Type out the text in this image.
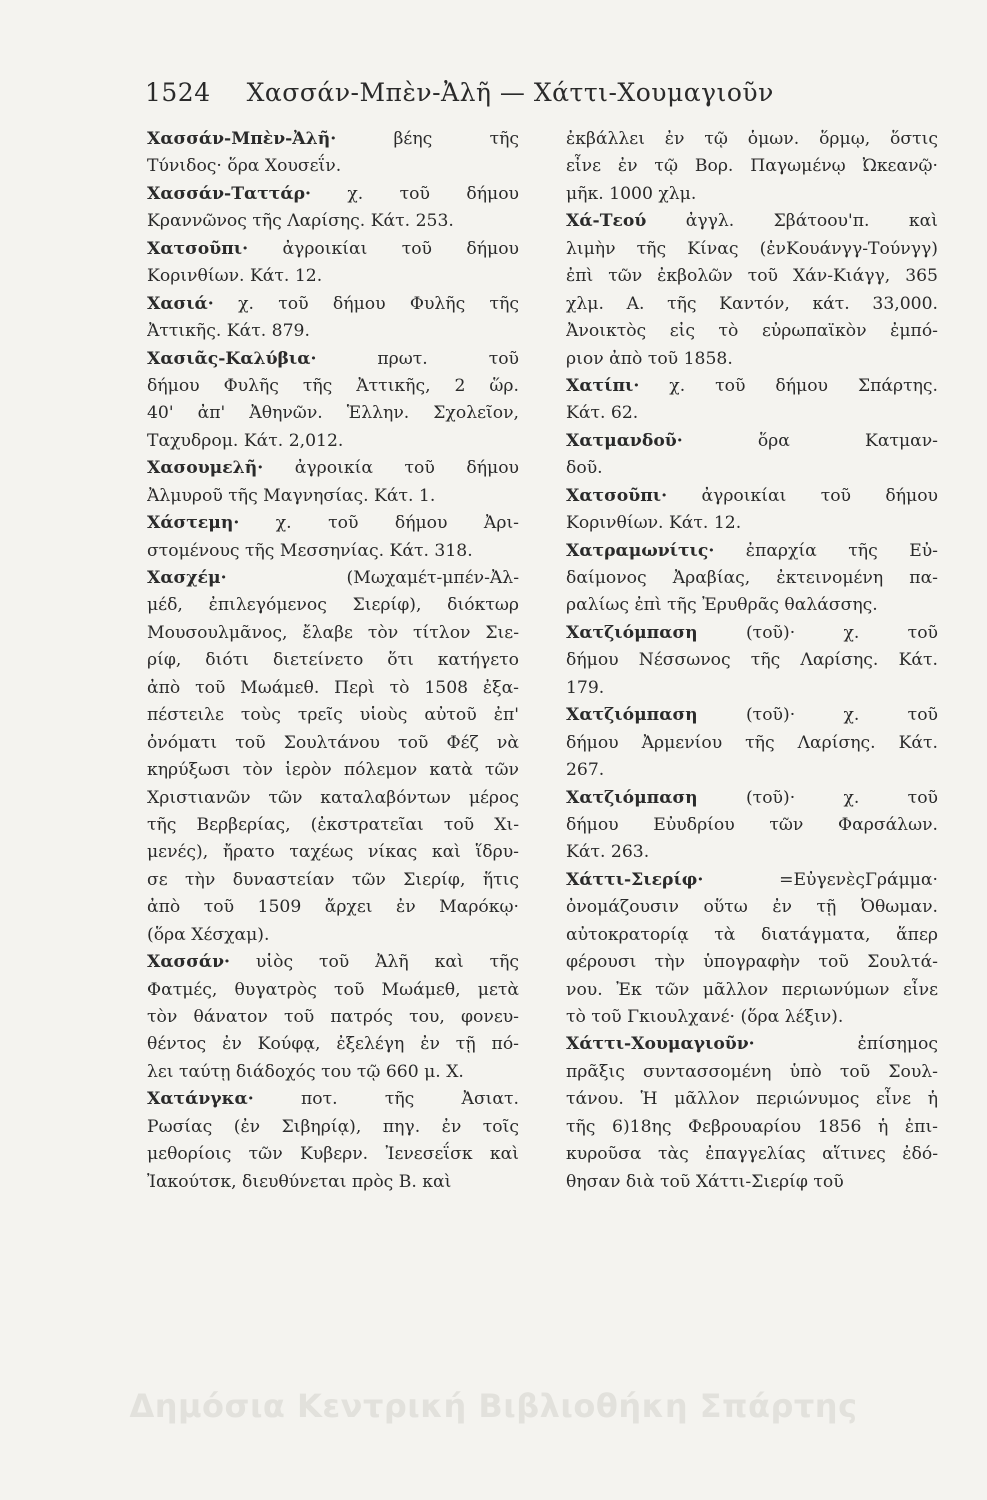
1524 Χασσάν-Μπὲν-Ἀλῆ — Χάττι-Χουμαγιοῦν
Χασσάν-Μπὲν-Ἀλῆ· βέης τῆς
Τύνιδος· ὅρα Χουσεΐν.
Χασσάν-Ταττάρ· χ. τοῦ δήμου
Κραννῶνος τῆς Λαρίσης. Κάτ. 253.
Χατσοῦπι· ἀγροικίαι τοῦ δήμου
Κορινθίων. Κάτ. 12.
Χασιά· χ. τοῦ δήμου Φυλῆς τῆς
Ἀττικῆς. Κάτ. 879.
Χασιᾶς-Καλύβια· πρωτ. τοῦ
δήμου Φυλῆς τῆς Ἀττικῆς, 2 ὥρ.
40' ἀπ' Ἀθηνῶν. Ἑλλην. Σχολεῖον,
Ταχυδρομ. Κάτ. 2,012.
Χασουμελῆ· ἀγροικία τοῦ δήμου
Ἀλμυροῦ τῆς Μαγνησίας. Κάτ. 1.
Χάστεμη· χ. τοῦ δήμου Ἀρι-
στομένους τῆς Μεσσηνίας. Κάτ. 318.
Χασχέμ· (Μωχαμέτ-μπέν-Ἀλ-
μέδ, ἐπιλεγόμενος Σιερίφ), διόκτωρ
Μουσουλμᾶνος, ἔλαβε τὸν τίτλον Σιε-
ρίφ, διότι διετείνετο ὅτι κατήγετο
ἀπὸ τοῦ Μωάμεθ. Περὶ τὸ 1508 ἐξα-
πέστειλε τοὺς τρεῖς υἱοὺς αὐτοῦ ἐπ'
ὀνόματι τοῦ Σουλτάνου τοῦ Φέζ νὰ
κηρύξωσι τὸν ἱερὸν πόλεμον κατὰ τῶν
Χριστιανῶν τῶν καταλαβόντων μέρος
τῆς Βερβερίας, (ἐκστρατεῖαι τοῦ Χι-
μενές), ἤρατο ταχέως νίκας καὶ ἵδρυ-
σε τὴν δυναστείαν τῶν Σιερίφ, ἥτις
ἀπὸ τοῦ 1509 ἄρχει ἐν Μαρόκῳ·
(ὅρα Χέσχαμ).
Χασσάν· υἱὸς τοῦ Ἀλῆ καὶ τῆς
Φατμές, θυγατρὸς τοῦ Μωάμεθ, μετὰ
τὸν θάνατον τοῦ πατρός του, φονευ-
θέντος ἐν Κούφᾳ, ἐξελέγη ἐν τῇ πό-
λει ταύτῃ διάδοχός του τῷ 660 μ. Χ.
Χατάνγκα· ποτ. τῆς Ἀσιατ.
Ρωσίας (ἐν Σιβηρίᾳ), πηγ. ἐν τοῖς
μεθορίοις τῶν Κυβερν. Ἰενεσεΐσκ καὶ
Ἰακούτσκ, διευθύνεται πρὸς Β. καὶ
ἐκβάλλει ἐν τῷ ὁμων. ὅρμῳ, ὅστις
εἶνε ἐν τῷ Βορ. Παγωμένῳ Ὠκεανῷ·
μῆκ. 1000 χλμ.
Χά-Τεού ἀγγλ. Σβάτοου'π. καὶ
λιμὴν τῆς Κίνας (ἐνΚουάνγγ-Τούνγγ)
ἐπὶ τῶν ἐκβολῶν τοῦ Χάν-Κιάγγ, 365
χλμ. Α. τῆς Καντόν, κάτ. 33,000.
Ἀνοικτὸς εἰς τὸ εὐρωπαϊκὸν ἐμπό-
ριον ἀπὸ τοῦ 1858.
Χατίπι· χ. τοῦ δήμου Σπάρτης.
Κάτ. 62.
Χατμανδοῦ· ὅρα Κατμαν-
δοῦ.
Χατσοῦπι· ἀγροικίαι τοῦ δήμου
Κορινθίων. Κάτ. 12.
Χατραμωνίτις· ἐπαρχία τῆς Εὐ-
δαίμονος Ἀραβίας, ἐκτεινομένη πα-
ραλίως ἐπὶ τῆς Ἐρυθρᾶς θαλάσσης.
Χατζιόμπαση (τοῦ)· χ. τοῦ
δήμου Νέσσωνος τῆς Λαρίσης. Κάτ.
179.
Χατζιόμπαση (τοῦ)· χ. τοῦ
δήμου Ἀρμενίου τῆς Λαρίσης. Κάτ.
267.
Χατζιόμπαση (τοῦ)· χ. τοῦ
δήμου Εὐυδρίου τῶν Φαρσάλων.
Κάτ. 263.
Χάττι-Σιερίφ· =ΕὐγενὲςΓράμμα·
ὀνομάζουσιν οὕτω ἐν τῇ Ὀθωμαν.
αὐτοκρατορίᾳ τὰ διατάγματα, ἅπερ
φέρουσι τὴν ὑπογραφὴν τοῦ Σουλτά-
νου. Ἐκ τῶν μᾶλλον περιωνύμων εἶνε
τὸ τοῦ Γκιουλχανέ· (ὅρα λέξιν).
Χάττι-Χουμαγιοῦν· ἐπίσημος
πρᾶξις συντασσομένη ὑπὸ τοῦ Σουλ-
τάνου. Ἡ μᾶλλον περιώνυμος εἶνε ἡ
τῆς 6)18ης Φεβρουαρίου 1856 ἡ ἐπι-
κυροῦσα τὰς ἐπαγγελίας αἵτινες ἐδό-
θησαν διὰ τοῦ Χάττι-Σιερίφ τοῦ
Δημόσια Κεντρική Βιβλιοθήκη Σπάρτης
